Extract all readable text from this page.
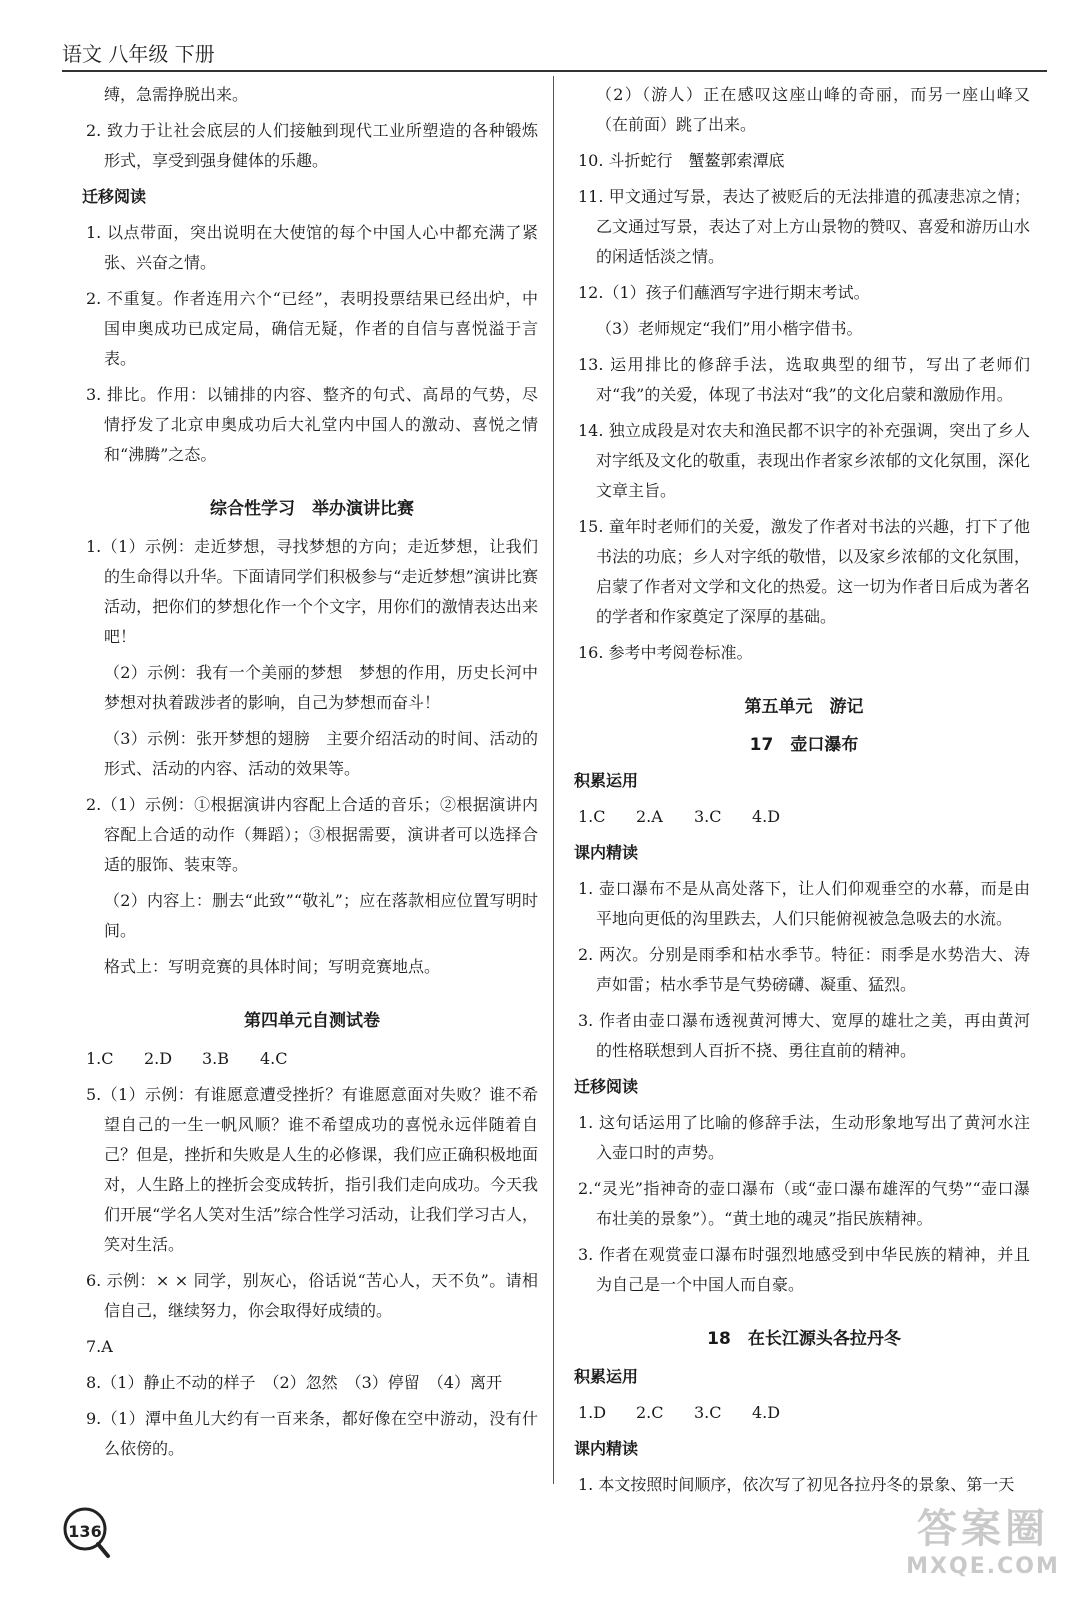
语文 八年级 下册

缚，急需挣脱出来。

2. 致力于让社会底层的人们接触到现代工业所塑造的各种锻炼形式，享受到强身健体的乐趣。

迁移阅读

1. 以点带面，突出说明在大使馆的每个中国人心中都充满了紧张、兴奋之情。

2. 不重复。作者连用六个“已经”，表明投票结果已经出炉，中国申奥成功已成定局，确信无疑，作者的自信与喜悦溢于言表。

3. 排比。作用：以铺排的内容、整齐的句式、高昂的气势，尽情抒发了北京申奥成功后大礼堂内中国人的激动、喜悦之情和“沸腾”之态。

综合性学习　举办演讲比赛

1.（1）示例：走近梦想，寻找梦想的方向；走近梦想，让我们的生命得以升华。下面请同学们积极参与“走近梦想”演讲比赛活动，把你们的梦想化作一个个文字，用你们的激情表达出来吧！

（2）示例：我有一个美丽的梦想　梦想的作用，历史长河中梦想对执着跋涉者的影响，自己为梦想而奋斗！

（3）示例：张开梦想的翅膀　主要介绍活动的时间、活动的形式、活动的内容、活动的效果等。

2.（1）示例：①根据演讲内容配上合适的音乐；②根据演讲内容配上合适的动作（舞蹈）；③根据需要，演讲者可以选择合适的服饰、装束等。

（2）内容上：删去“此致”“敬礼”；应在落款相应位置写明时间。

格式上：写明竞赛的具体时间；写明竞赛地点。

第四单元自测试卷
1.C 2.D 3.B 4.C

5.（1）示例：有谁愿意遭受挫折？有谁愿意面对失败？谁不希望自己的一生一帆风顺？谁不希望成功的喜悦永远伴随着自己？但是，挫折和失败是人生的必修课，我们应正确积极地面对，人生路上的挫折会变成转折，指引我们走向成功。今天我们开展“学名人笑对生活”综合性学习活动，让我们学习古人，笑对生活。

6. 示例：× × 同学，别灰心，俗话说“苦心人，天不负”。请相信自己，继续努力，你会取得好成绩的。

7.A

8.（1）静止不动的样子　（2）忽然　（3）停留　（4）离开

9.（1）潭中鱼儿大约有一百来条，都好像在空中游动，没有什么依傍的。

（2）（游人）正在感叹这座山峰的奇丽，而另一座山峰又（在前面）跳了出来。

10. 斗折蛇行　蟹鳌郭索潭底

11. 甲文通过写景，表达了被贬后的无法排遣的孤凄悲凉之情；乙文通过写景，表达了对上方山景物的赞叹、喜爱和游历山水的闲适恬淡之情。

12.（1）孩子们蘸酒写字进行期末考试。

（3）老师规定“我们”用小楷字借书。

13. 运用排比的修辞手法，选取典型的细节，写出了老师们对“我”的关爱，体现了书法对“我”的文化启蒙和激励作用。

14. 独立成段是对农夫和渔民都不识字的补充强调，突出了乡人对字纸及文化的敬重，表现出作者家乡浓郁的文化氛围，深化文章主旨。

15. 童年时老师们的关爱，激发了作者对书法的兴趣，打下了他书法的功底；乡人对字纸的敬惜，以及家乡浓郁的文化氛围，启蒙了作者对文学和文化的热爱。这一切为作者日后成为著名的学者和作家奠定了深厚的基础。

16. 参考中考阅卷标准。

第五单元　游记
17　壶口瀑布
积累运用
1.C 2.A 3.C 4.D
课内精读

1. 壶口瀑布不是从高处落下，让人们仰观垂空的水幕，而是由平地向更低的沟里跌去，人们只能俯视被急急吸去的水流。

2. 两次。分别是雨季和枯水季节。特征：雨季是水势浩大、涛声如雷；枯水季节是气势磅礴、凝重、猛烈。

3. 作者由壶口瀑布透视黄河博大、宽厚的雄壮之美，再由黄河的性格联想到人百折不挠、勇往直前的精神。

迁移阅读

1. 这句话运用了比喻的修辞手法，生动形象地写出了黄河水注入壶口时的声势。

2.“灵光”指神奇的壶口瀑布（或“壶口瀑布雄浑的气势”“壶口瀑布壮美的景象”）。“黄土地的魂灵”指民族精神。

3. 作者在观赏壶口瀑布时强烈地感受到中华民族的精神，并且为自己是一个中国人而自豪。

18　在长江源头各拉丹冬
积累运用
1.D 2.C 3.C 4.D
课内精读

1. 本文按照时间顺序，依次写了初见各拉丹冬的景象、第一天

136	答案圈
MXQE.COM
